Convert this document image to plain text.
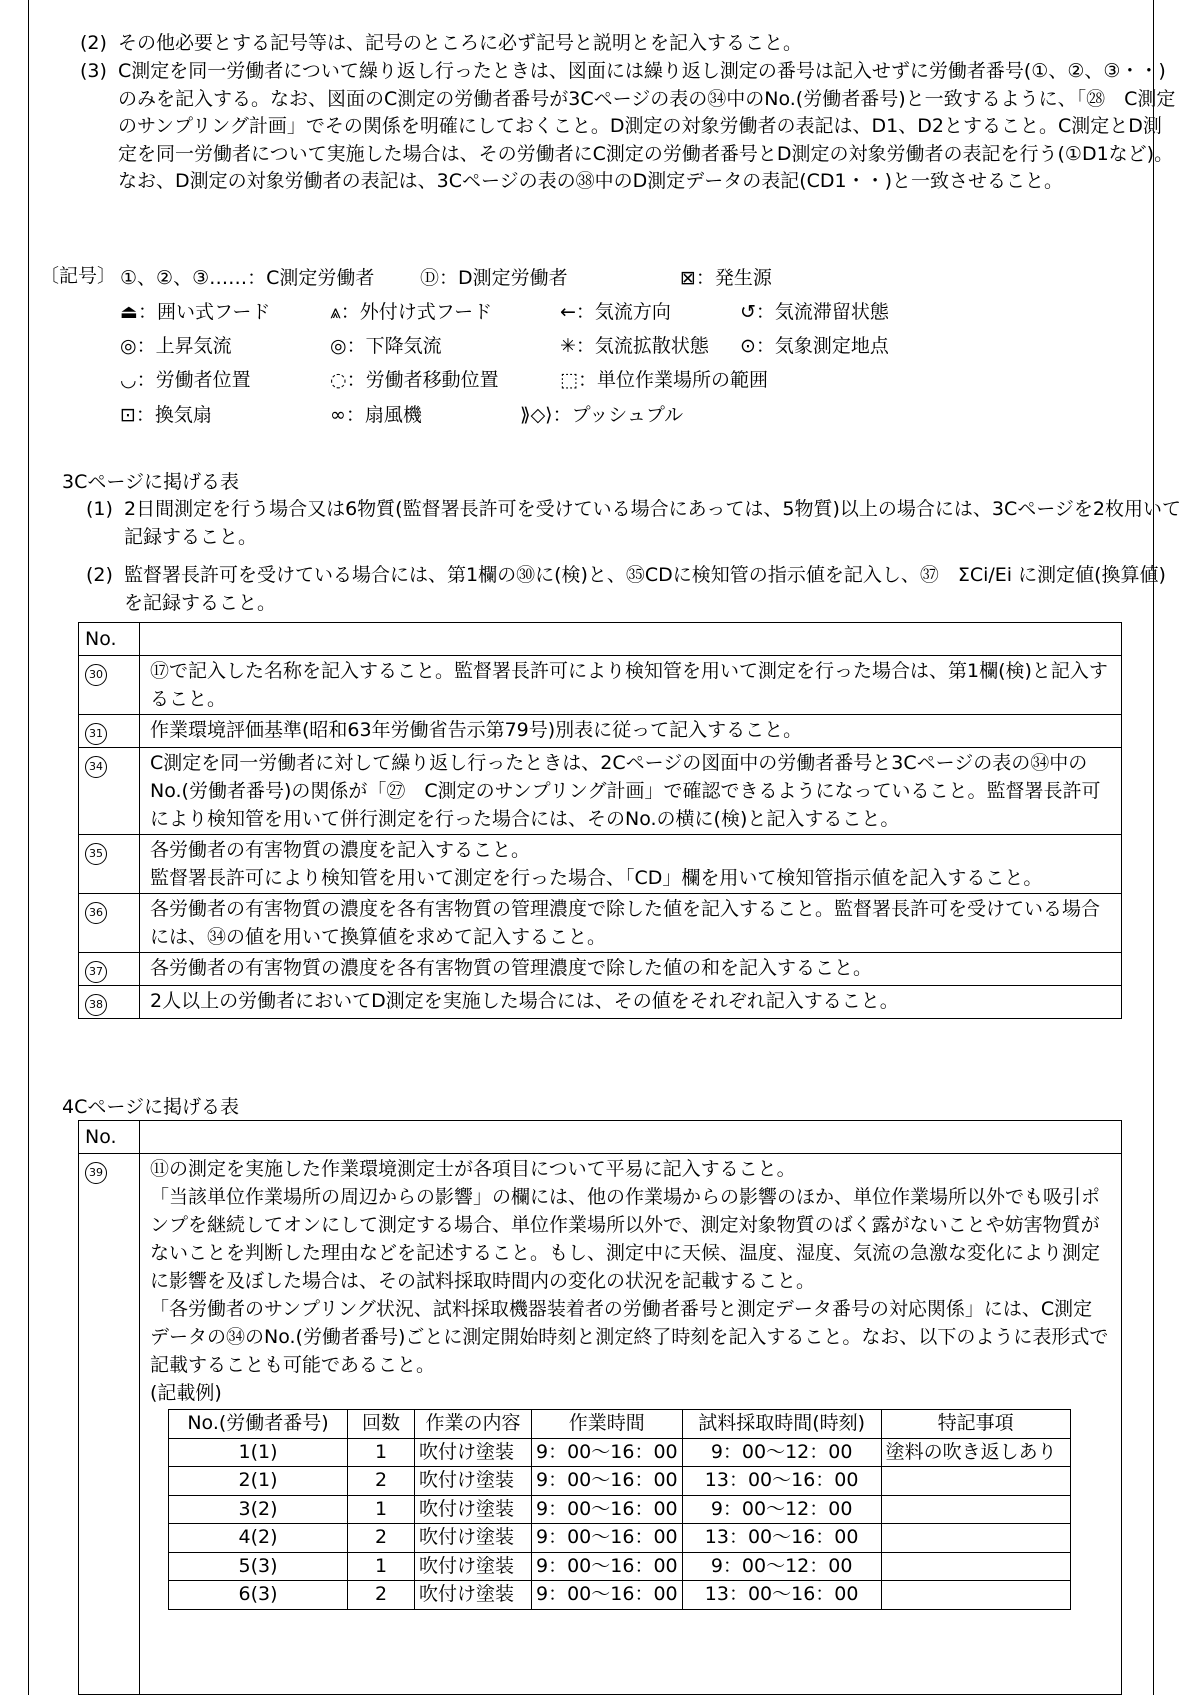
(2) その他必要とする記号等は、記号のところに必ず記号と説明とを記入すること。
(3) C測定を同一労働者について繰り返し行ったときは、図面には繰り返し測定の番号は記入せずに労働者番号(①、②、③・・)のみを記入する。なお、図面のC測定の労働者番号が3Cページの表の㉞中のNo.(労働者番号)と一致するように、「㉘　C測定のサンプリング計画」でその関係を明確にしておくこと。D測定の対象労働者の表記は、D1、D2とすること。C測定とD測定を同一労働者について実施した場合は、その労働者にC測定の労働者番号とD測定の対象労働者の表記を行う(①D1など)。なお、D測定の対象労働者の表記は、3Cページの表の㊳中のD測定データの表記(CD1・・)と一致させること。
〔記号〕 ①、②、③……：C測定労働者 Ⓓ：D測定労働者	⊠：発生源
⏏：囲い式フード	⩓：外付け式フード	←：気流方向	↺：気流滞留状態
◎：上昇気流	◎：下降気流	✳：気流拡散状態 ⊙：気象測定地点
◡：労働者位置	◌：労働者移動位置	⬚：単位作業場所の範囲
⊡：換気扇	∞：扇風機	⟫◇⟩：プッシュプル
3Cページに掲げる表
(1) 2日間測定を行う場合又は6物質(監督署長許可を受けている場合にあっては、5物質)以上の場合には、3Cページを2枚用いて記録すること。
(2) 監督署長許可を受けている場合には、第1欄の㉚に(検)と、㉟CDに検知管の指示値を記入し、㊲　ΣCi/Ei に測定値(換算値)を記録すること。
No.	
30	⑰で記入した名称を記入すること。監督署長許可により検知管を用いて測定を行った場合は、第1欄(検)と記入すること。
31	作業環境評価基準(昭和63年労働省告示第79号)別表に従って記入すること。
34	C測定を同一労働者に対して繰り返し行ったときは、2Cページの図面中の労働者番号と3Cページの表の㉞中のNo.(労働者番号)の関係が「㉗　C測定のサンプリング計画」で確認できるようになっていること。監督署長許可により検知管を用いて併行測定を行った場合には、そのNo.の横に(検)と記入すること。
35	各労働者の有害物質の濃度を記入すること。
監督署長許可により検知管を用いて測定を行った場合、「CD」欄を用いて検知管指示値を記入すること。
36	各労働者の有害物質の濃度を各有害物質の管理濃度で除した値を記入すること。監督署長許可を受けている場合には、㉞の値を用いて換算値を求めて記入すること。
37	各労働者の有害物質の濃度を各有害物質の管理濃度で除した値の和を記入すること。
38	2人以上の労働者においてD測定を実施した場合には、その値をそれぞれ記入すること。
4Cページに掲げる表
No.	
39	⑪の測定を実施した作業環境測定士が各項目について平易に記入すること。
「当該単位作業場所の周辺からの影響」の欄には、他の作業場からの影響のほか、単位作業場所以外でも吸引ポンプを継続してオンにして測定する場合、単位作業場所以外で、測定対象物質のばく露がないことや妨害物質がないことを判断した理由などを記述すること。もし、測定中に天候、温度、湿度、気流の急激な変化により測定に影響を及ぼした場合は、その試料採取時間内の変化の状況を記載すること。
「各労働者のサンプリング状況、試料採取機器装着者の労働者番号と測定データ番号の対応関係」には、C測定データの㉞のNo.(労働者番号)ごとに測定開始時刻と測定終了時刻を記入すること。なお、以下のように表形式で記載することも可能であること。
(記載例)
No.(労働者番号)	回数	作業の内容	作業時間	試料採取時間(時刻)	特記事項
1(1)	1	吹付け塗装	9：00～16：00	9：00～12：00	塗料の吹き返しあり
2(1)	2	吹付け塗装	9：00～16：00	13：00～16：00	
3(2)	1	吹付け塗装	9：00～16：00	9：00～12：00	
4(2)	2	吹付け塗装	9：00～16：00	13：00～16：00	
5(3)	1	吹付け塗装	9：00～16：00	9：00～12：00	
6(3)	2	吹付け塗装	9：00～16：00	13：00～16：00	
